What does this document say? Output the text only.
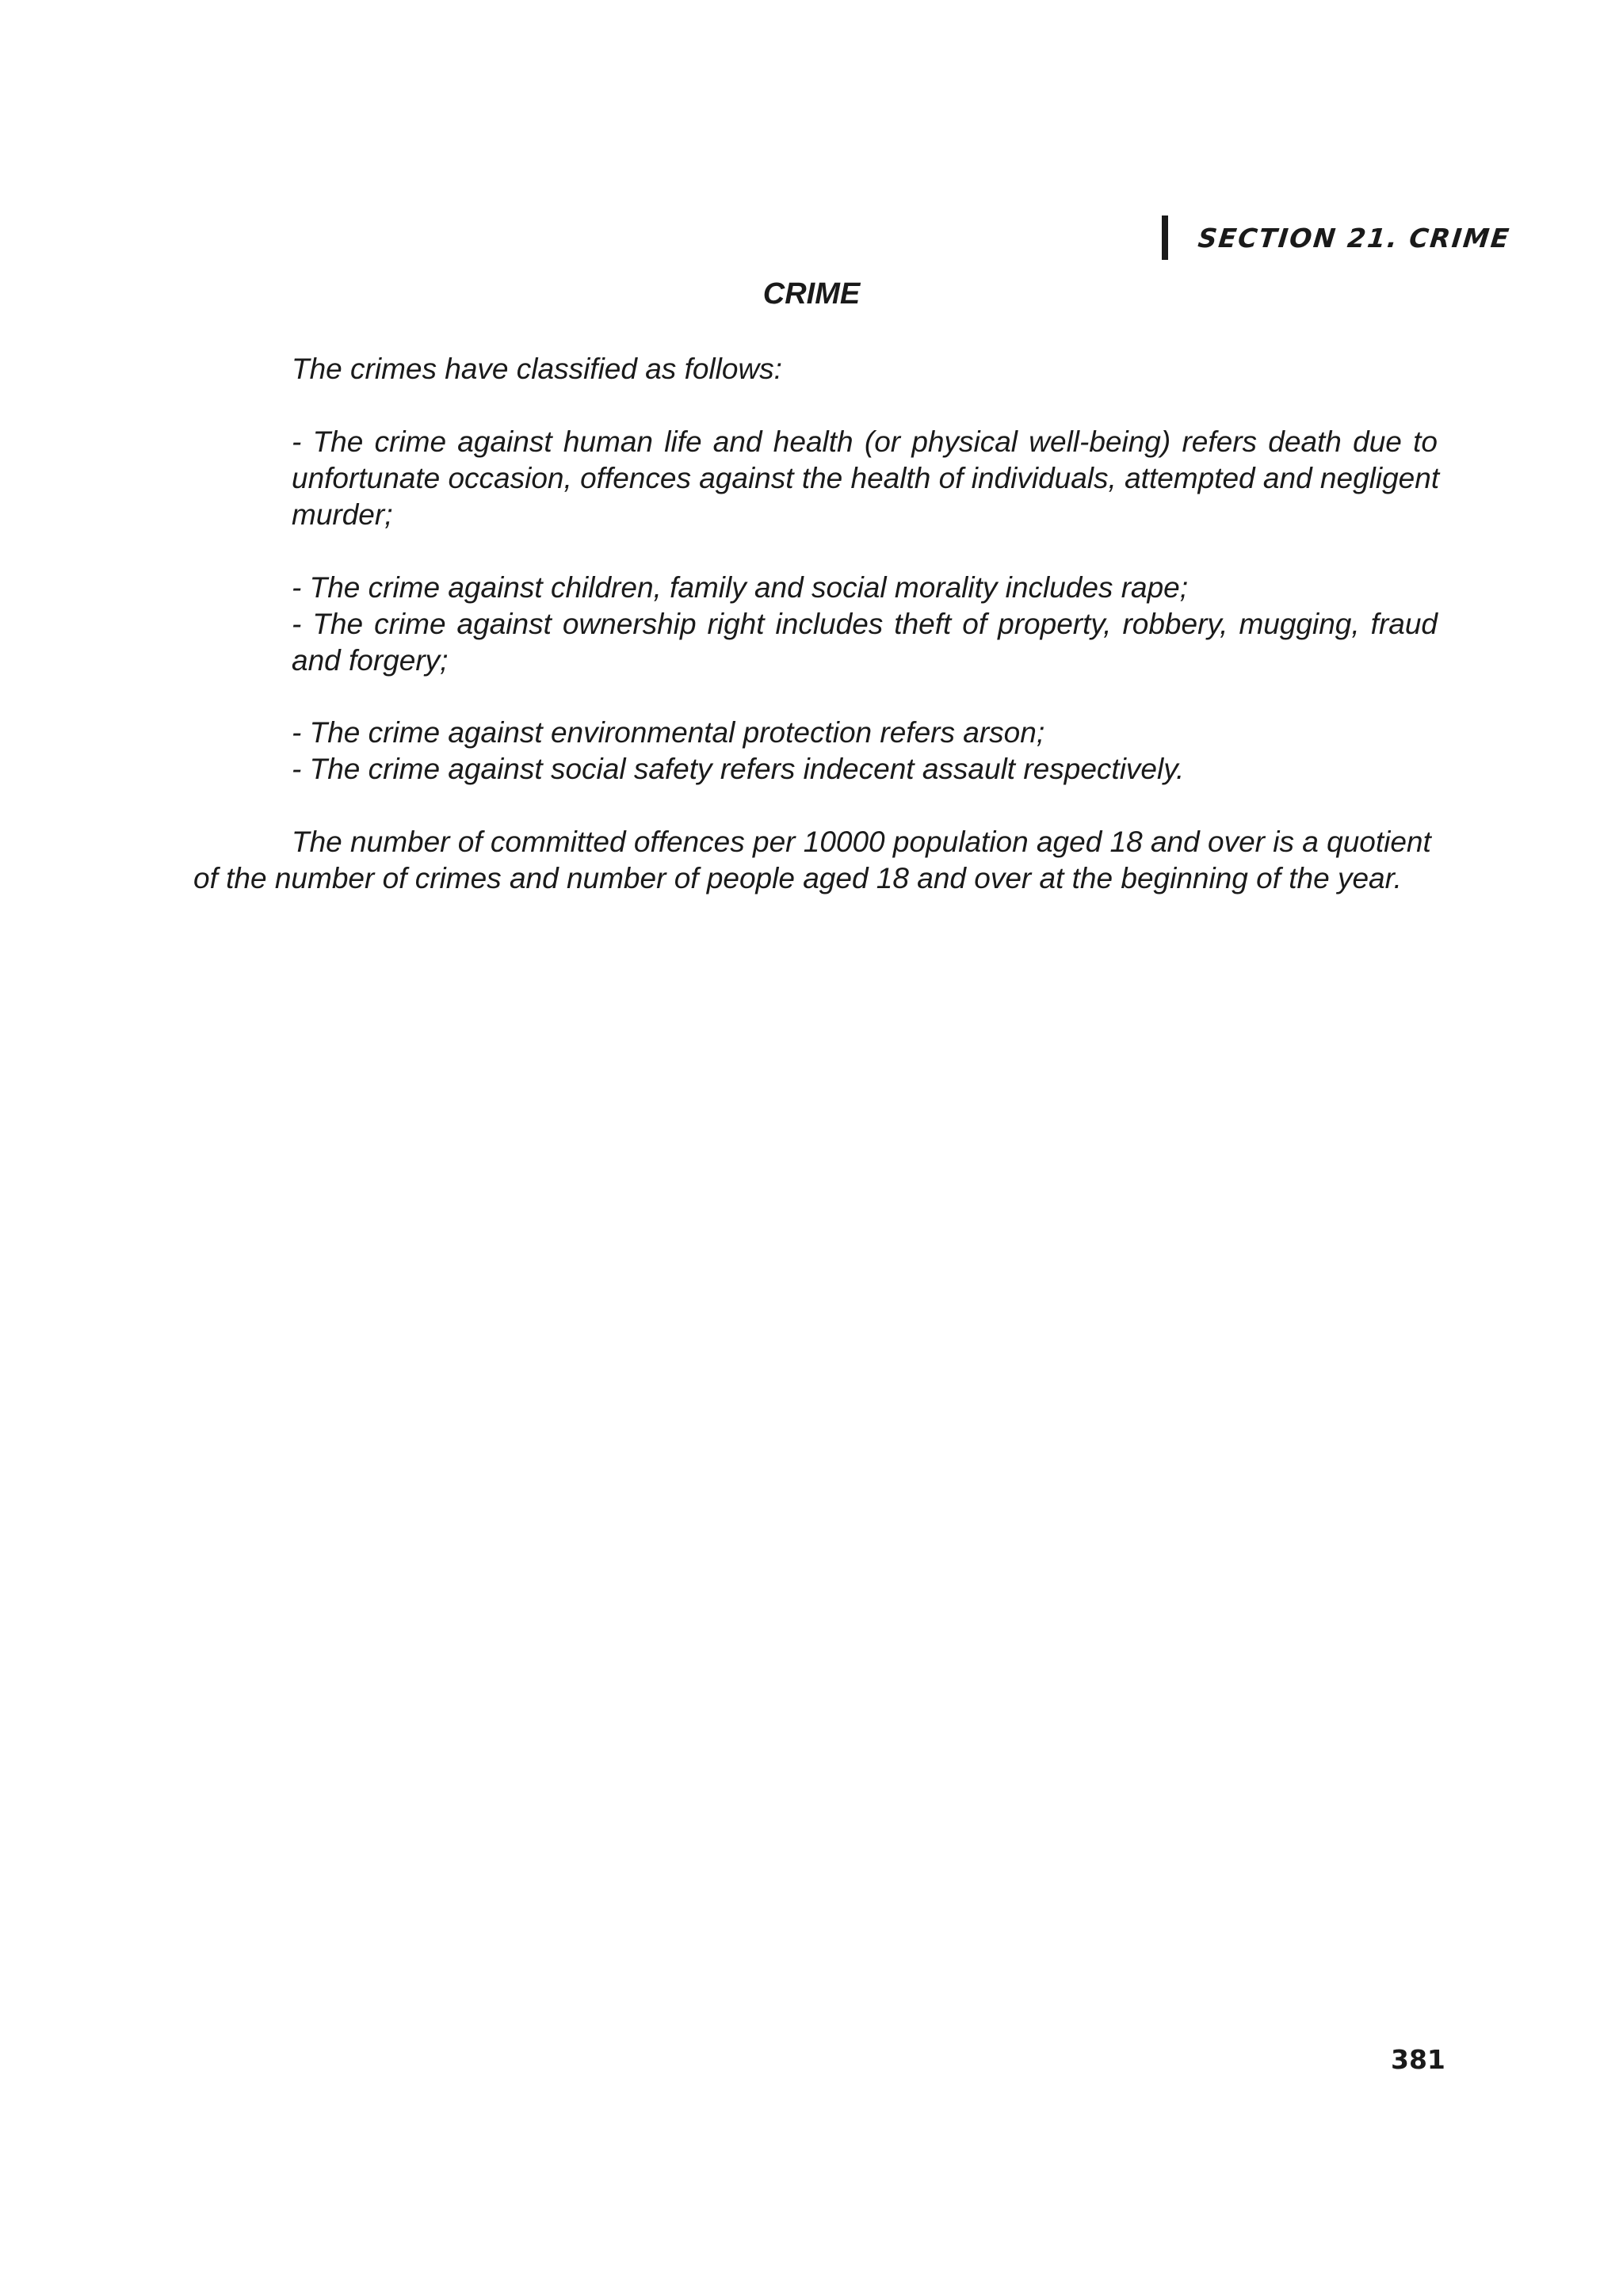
SECTION 21. CRIME
CRIME
The crimes have classified as follows:
- The crime against human life and health (or physical well-being) refers death due to
unfortunate occasion, offences against the health of individuals, attempted and negligent
murder;
- The crime against children, family and social morality includes rape;
- The crime against ownership right includes theft of property, robbery, mugging, fraud
and forgery;
- The crime against environmental protection refers arson;
- The crime against social safety refers indecent assault respectively.
The number of committed offences per 10000 population aged 18 and over is a quotient
of the number of crimes and number of people aged 18 and over at the beginning of the year.
381
